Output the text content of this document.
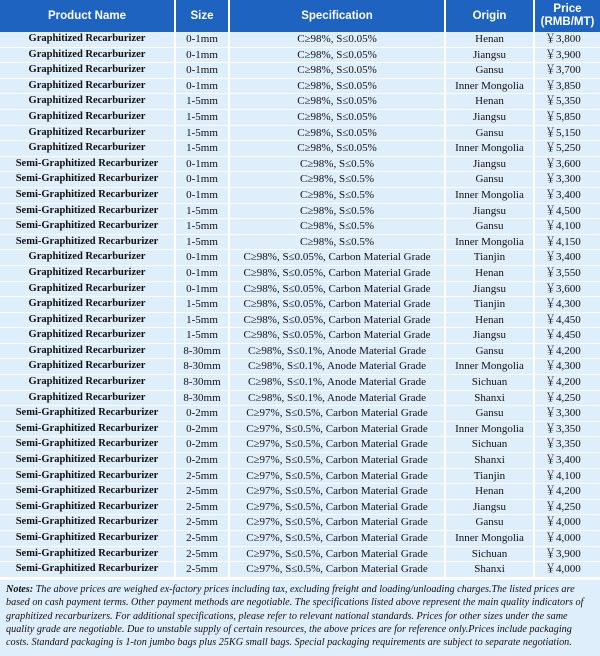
Product Name	Size	Specification	Origin	Price
(RMB/MT)
Graphitized Recarburizer	0-1mm	C≥98%, S≤0.05%	Henan	￥3,800
Graphitized Recarburizer	0-1mm	C≥98%, S≤0.05%	Jiangsu	￥3,900
Graphitized Recarburizer	0-1mm	C≥98%, S≤0.05%	Gansu	￥3,700
Graphitized Recarburizer	0-1mm	C≥98%, S≤0.05%	Inner Mongolia	￥3,850
Graphitized Recarburizer	1-5mm	C≥98%, S≤0.05%	Henan	￥5,350
Graphitized Recarburizer	1-5mm	C≥98%, S≤0.05%	Jiangsu	￥5,850
Graphitized Recarburizer	1-5mm	C≥98%, S≤0.05%	Gansu	￥5,150
Graphitized Recarburizer	1-5mm	C≥98%, S≤0.05%	Inner Mongolia	￥5,250
Semi-Graphitized Recarburizer	0-1mm	C≥98%, S≤0.5%	Jiangsu	￥3,600
Semi-Graphitized Recarburizer	0-1mm	C≥98%, S≤0.5%	Gansu	￥3,300
Semi-Graphitized Recarburizer	0-1mm	C≥98%, S≤0.5%	Inner Mongolia	￥3,400
Semi-Graphitized Recarburizer	1-5mm	C≥98%, S≤0.5%	Jiangsu	￥4,500
Semi-Graphitized Recarburizer	1-5mm	C≥98%, S≤0.5%	Gansu	￥4,100
Semi-Graphitized Recarburizer	1-5mm	C≥98%, S≤0.5%	Inner Mongolia	￥4,150
Graphitized Recarburizer	0-1mm	C≥98%, S≤0.05%, Carbon Material Grade	Tianjin	￥3,400
Graphitized Recarburizer	0-1mm	C≥98%, S≤0.05%, Carbon Material Grade	Henan	￥3,550
Graphitized Recarburizer	0-1mm	C≥98%, S≤0.05%, Carbon Material Grade	Jiangsu	￥3,600
Graphitized Recarburizer	1-5mm	C≥98%, S≤0.05%, Carbon Material Grade	Tianjin	￥4,300
Graphitized Recarburizer	1-5mm	C≥98%, S≤0.05%, Carbon Material Grade	Henan	￥4,450
Graphitized Recarburizer	1-5mm	C≥98%, S≤0.05%, Carbon Material Grade	Jiangsu	￥4,450
Graphitized Recarburizer	8-30mm	C≥98%, S≤0.1%, Anode Material Grade	Gansu	￥4,200
Graphitized Recarburizer	8-30mm	C≥98%, S≤0.1%, Anode Material Grade	Inner Mongolia	￥4,300
Graphitized Recarburizer	8-30mm	C≥98%, S≤0.1%, Anode Material Grade	Sichuan	￥4,200
Graphitized Recarburizer	8-30mm	C≥98%, S≤0.1%, Anode Material Grade	Shanxi	￥4,250
Semi-Graphitized Recarburizer	0-2mm	C≥97%, S≤0.5%, Carbon Material Grade	Gansu	￥3,300
Semi-Graphitized Recarburizer	0-2mm	C≥97%, S≤0.5%, Carbon Material Grade	Inner Mongolia	￥3,350
Semi-Graphitized Recarburizer	0-2mm	C≥97%, S≤0.5%, Carbon Material Grade	Sichuan	￥3,350
Semi-Graphitized Recarburizer	0-2mm	C≥97%, S≤0.5%, Carbon Material Grade	Shanxi	￥3,400
Semi-Graphitized Recarburizer	2-5mm	C≥97%, S≤0.5%, Carbon Material Grade	Tianjin	￥4,100
Semi-Graphitized Recarburizer	2-5mm	C≥97%, S≤0.5%, Carbon Material Grade	Henan	￥4,200
Semi-Graphitized Recarburizer	2-5mm	C≥97%, S≤0.5%, Carbon Material Grade	Jiangsu	￥4,250
Semi-Graphitized Recarburizer	2-5mm	C≥97%, S≤0.5%, Carbon Material Grade	Gansu	￥4,000
Semi-Graphitized Recarburizer	2-5mm	C≥97%, S≤0.5%, Carbon Material Grade	Inner Mongolia	￥4,000
Semi-Graphitized Recarburizer	2-5mm	C≥97%, S≤0.5%, Carbon Material Grade	Sichuan	￥3,900
Semi-Graphitized Recarburizer	2-5mm	C≥97%, S≤0.5%, Carbon Material Grade	Shanxi	￥4,000
Notes: The above prices are weighed ex-factory prices including tax, excluding freight and loading/unloading charges.The listed prices are based on cash payment terms. Other payment methods are negotiable. The specifications listed above represent the main quality indicators of graphitized recarburizers. For additional specifications, please refer to relevant national standards. Prices for other sizes under the same quality grade are negotiable. Due to unstable supply of certain resources, the above prices are for reference only.Prices include packaging costs. Standard packaging is 1-ton jumbo bags plus 25KG small bags. Special packaging requirements are subject to separate negotiation.
